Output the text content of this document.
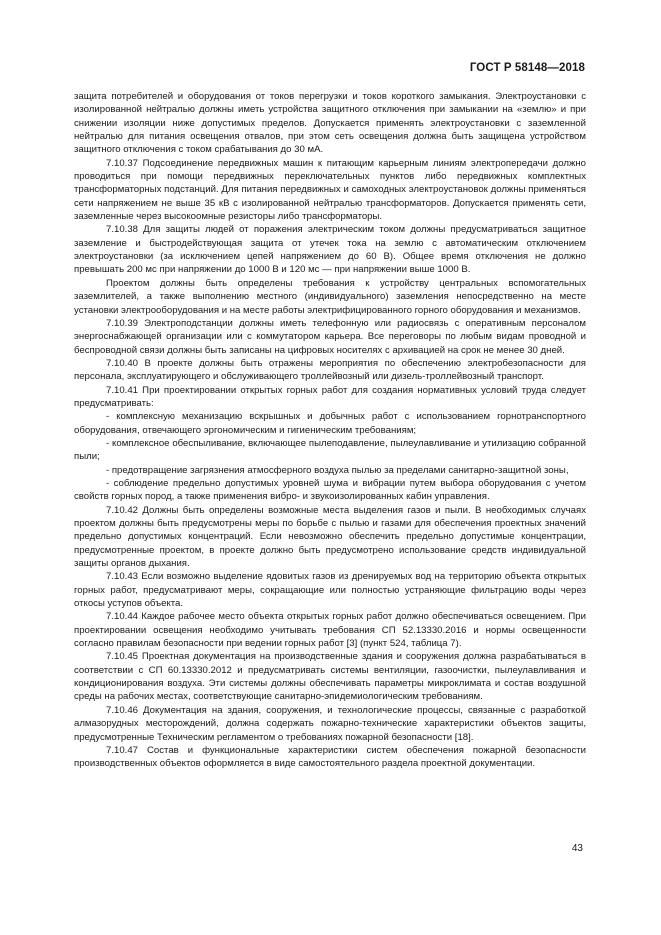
ГОСТ Р 58148—2018

защита потребителей и оборудования от токов перегрузки и токов короткого замыкания. Электроустановки с изолированной нейтралью должны иметь устройства защитного отключения при замыкании на «землю» и при снижении изоляции ниже допустимых пределов. Допускается применять электроустановки с заземленной нейтралью для питания освещения отвалов, при этом сеть освещения должна быть защищена устройством защитного отключения с током срабатывания до 30 мА.

7.10.37 Подсоединение передвижных машин к питающим карьерным линиям электропередачи должно проводиться при помощи передвижных переключательных пунктов либо передвижных комплектных трансформаторных подстанций. Для питания передвижных и самоходных электроустановок должны применяться сети напряжением не выше 35 кВ с изолированной нейтралью трансформаторов. Допускается применять сети, заземленные через высокоомные резисторы либо трансформаторы.

7.10.38 Для защиты людей от поражения электрическим током должны предусматриваться защитное заземление и быстродействующая защита от утечек тока на землю с автоматическим отключением электроустановки (за исключением цепей напряжением до 60 В). Общее время отключения не должно превышать 200 мс при напряжении до 1000 В и 120 мс — при напряжении выше 1000 В.

Проектом должны быть определены требования к устройству центральных вспомогательных заземлителей, а также выполнению местного (индивидуального) заземления непосредственно на месте установки электрооборудования и на месте работы электрифицированного горного оборудования и механизмов.

7.10.39 Электроподстанции должны иметь телефонную или радиосвязь с оперативным персоналом энергоснабжающей организации или с коммутатором карьера. Все переговоры по любым видам проводной и беспроводной связи должны быть записаны на цифровых носителях с архивацией на срок не менее 30 дней.

7.10.40 В проекте должны быть отражены мероприятия по обеспечению электробезопасности для персонала, эксплуатирующего и обслуживающего троллейвозный или дизель-троллейвозный транспорт.

7.10.41 При проектировании открытых горных работ для создания нормативных условий труда следует предусматривать:

- комплексную механизацию вскрышных и добычных работ с использованием горнотранспортного оборудования, отвечающего эргономическим и гигиеническим требованиям;

- комплексное обеспыливание, включающее пылеподавление, пылеулавливание и утилизацию собранной пыли;

- предотвращение загрязнения атмосферного воздуха пылью за пределами санитарно-защитной зоны,

- соблюдение предельно допустимых уровней шума и вибрации путем выбора оборудования с учетом свойств горных пород, а также применения вибро- и звукоизолированных кабин управления.

7.10.42 Должны быть определены возможные места выделения газов и пыли. В необходимых случаях проектом должны быть предусмотрены меры по борьбе с пылью и газами для обеспечения проектных значений предельно допустимых концентраций. Если невозможно обеспечить предельно допустимые концентрации, предусмотренные проектом, в проекте должно быть предусмотрено использование средств индивидуальной защиты органов дыхания.

7.10.43 Если возможно выделение ядовитых газов из дренируемых вод на территорию объекта открытых горных работ, предусматривают меры, сокращающие или полностью устраняющие фильтрацию воды через откосы уступов объекта.

7.10.44 Каждое рабочее место объекта открытых горных работ должно обеспечиваться освещением. При проектировании освещения необходимо учитывать требования СП 52.13330.2016 и нормы освещенности согласно правилам безопасности при ведении горных работ [3] (пункт 524, таблица 7).

7.10.45 Проектная документация на производственные здания и сооружения должна разрабатываться в соответствии с СП 60.13330.2012 и предусматривать системы вентиляции, газоочистки, пылеулавливания и кондиционирования воздуха. Эти системы должны обеспечивать параметры микроклимата и состав воздушной среды на рабочих местах, соответствующие санитарно-эпидемиологическим требованиям.

7.10.46 Документация на здания, сооружения, и технологические процессы, связанные с разработкой алмазорудных месторождений, должна содержать пожарно-технические характеристики объектов защиты, предусмотренные Техническим регламентом о требованиях пожарной безопасности [18].

7.10.47 Состав и функциональные характеристики систем обеспечения пожарной безопасности производственных объектов оформляется в виде самостоятельного раздела проектной документации.

43
